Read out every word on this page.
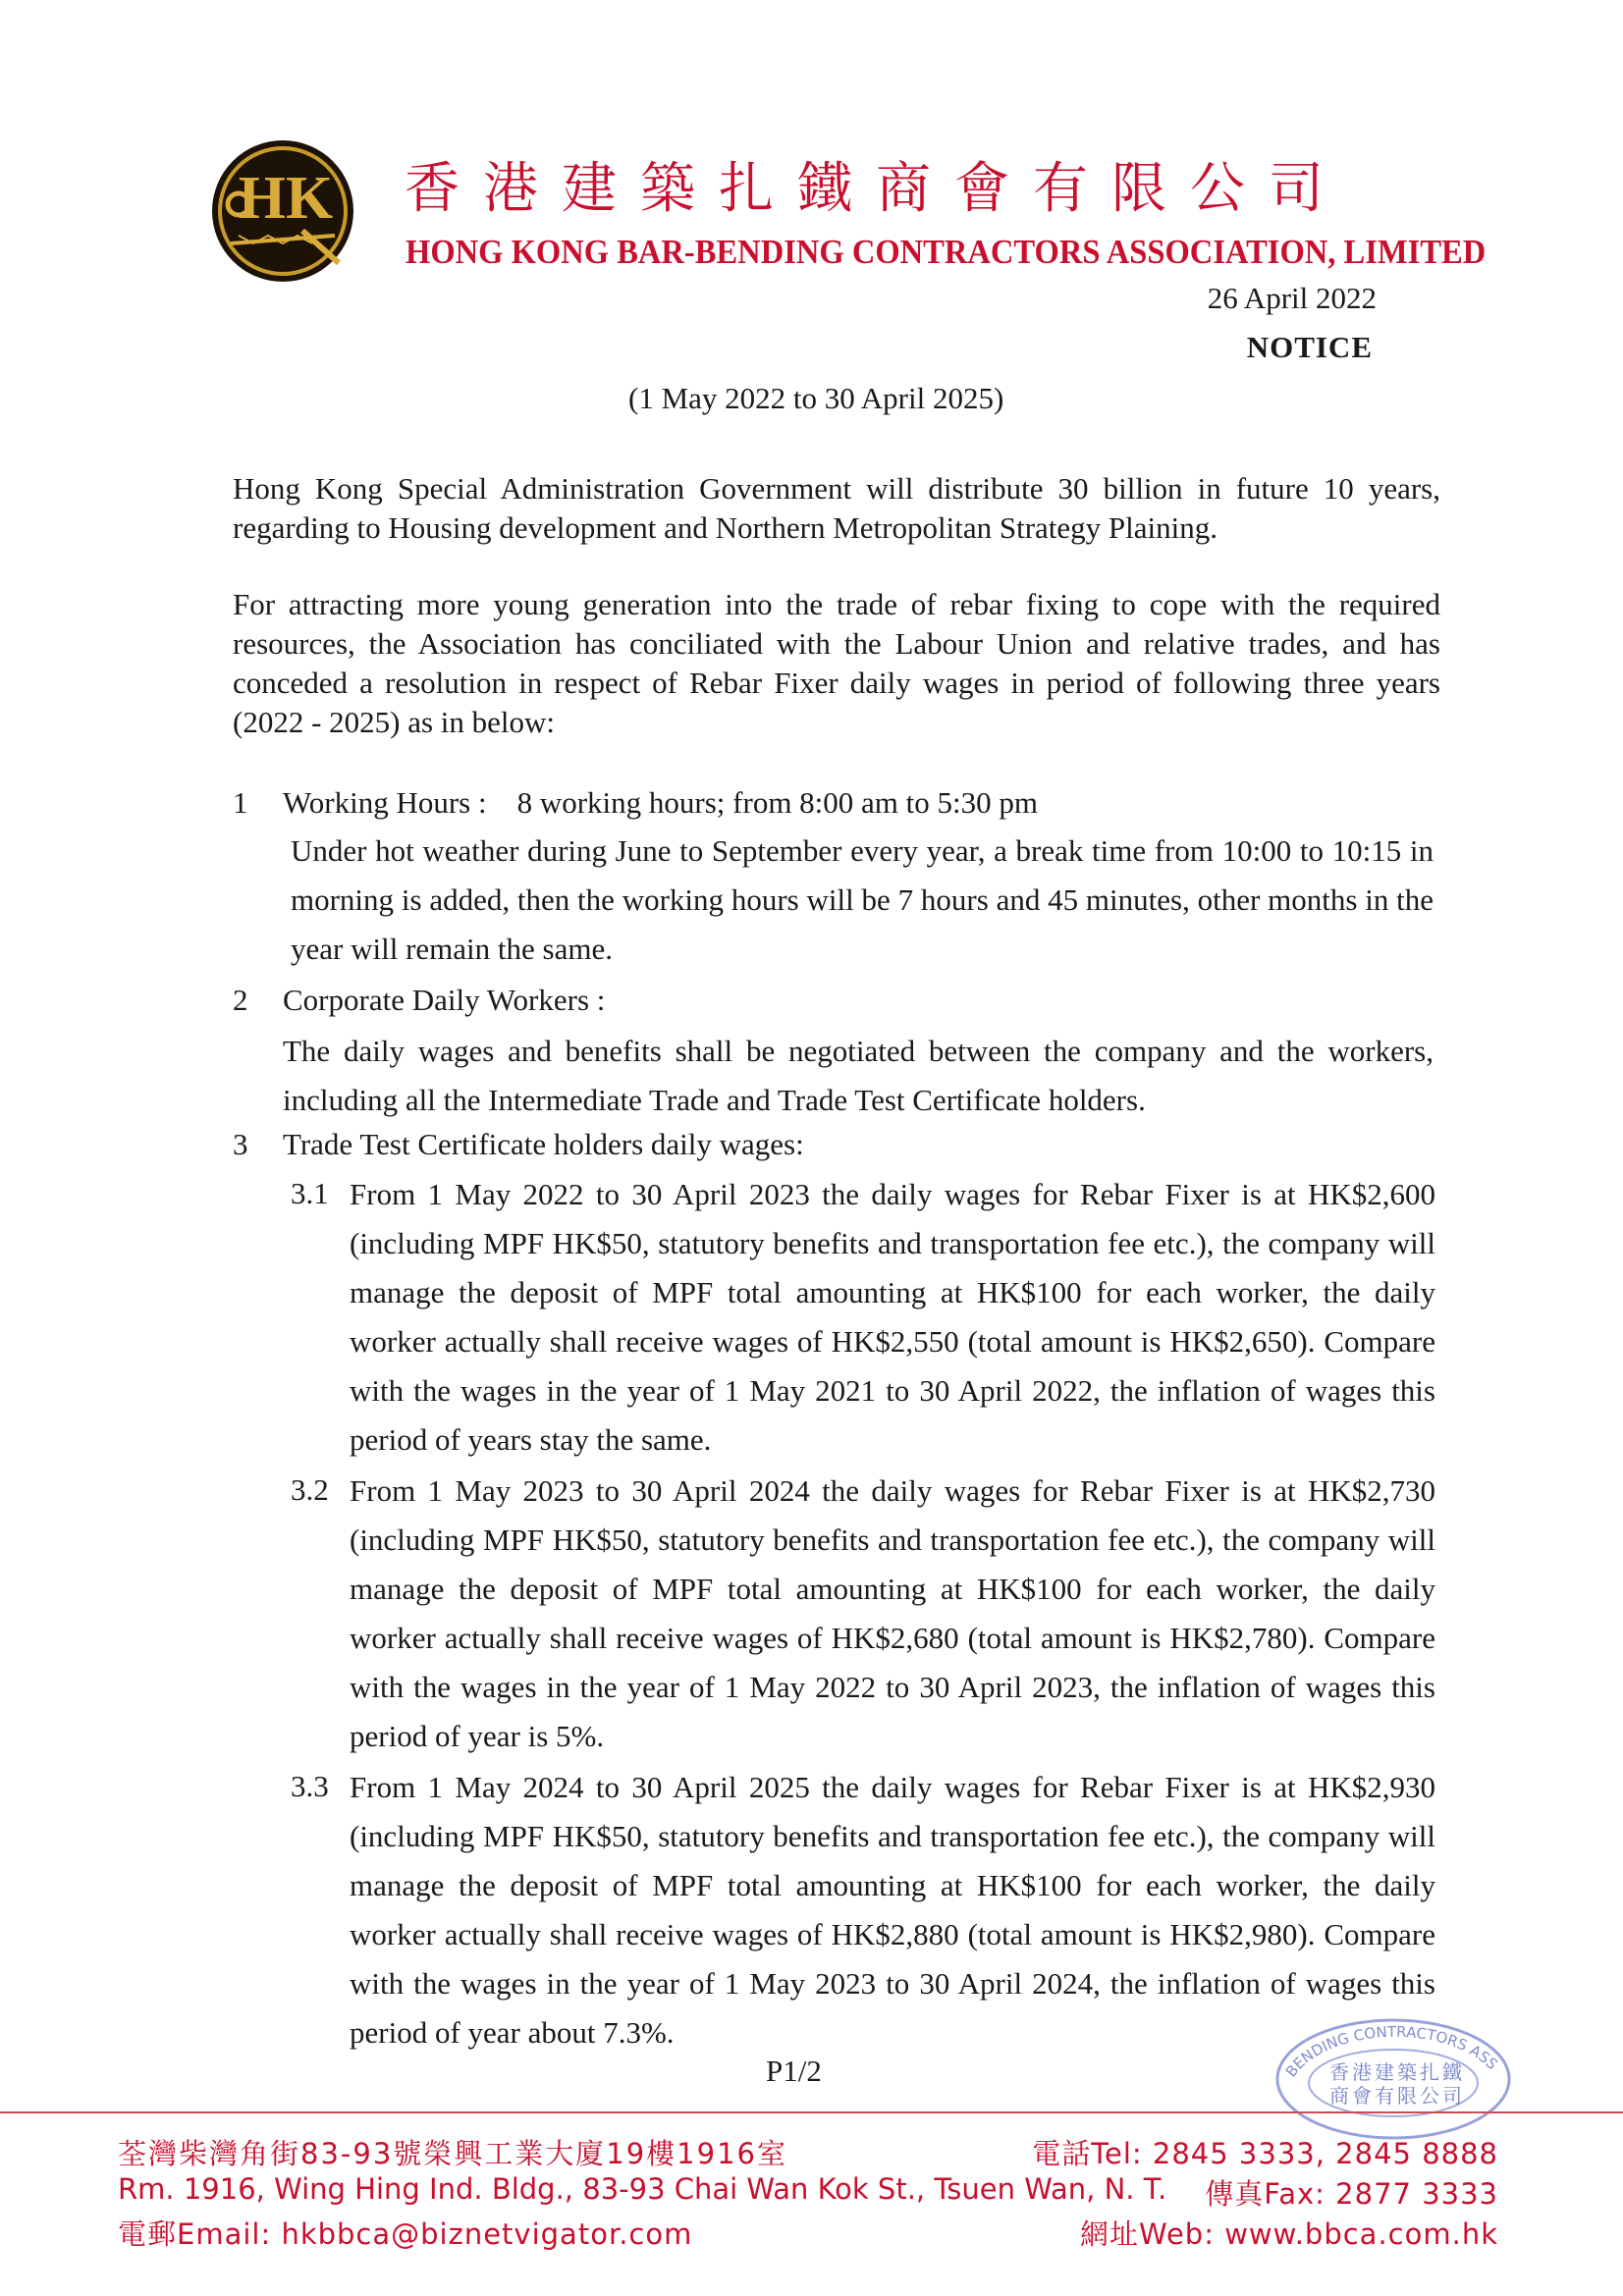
HK 香港建築扎鐵商會有限公司
HONG KONG BAR-BENDING CONTRACTORS ASSOCIATION, LIMITED
26 April 2022
NOTICE
(1 May 2022 to 30 April 2025)

Hong Kong Special Administration Government will distribute 30 billion in future 10 years, regarding to Housing development and Northern Metropolitan Strategy Plaining.

For attracting more young generation into the trade of rebar fixing to cope with the required resources, the Association has conciliated with the Labour Union and relative trades, and has conceded a resolution in respect of Rebar Fixer daily wages in period of following three years (2022 - 2025) as in below:

1 Working Hours :    8 working hours; from 8:00 am to 5:30 pm

Under hot weather during June to September every year, a break time from 10:00 to 10:15 in morning is added, then the working hours will be 7 hours and 45 minutes, other months in the year will remain the same.

2 Corporate Daily Workers :

The daily wages and benefits shall be negotiated between the company and the workers, including all the Intermediate Trade and Trade Test Certificate holders.

3 Trade Test Certificate holders daily wages:
3.1 From 1 May 2022 to 30 April 2023 the daily wages for Rebar Fixer is at HK$2,600 (including MPF HK$50, statutory benefits and transportation fee etc.), the company will manage the deposit of MPF total amounting at HK$100 for each worker, the daily worker actually shall receive wages of HK$2,550 (total amount is HK$2,650). Compare with the wages in the year of 1 May 2021 to 30 April 2022, the inflation of wages this period of years stay the same.

3.2 From 1 May 2023 to 30 April 2024 the daily wages for Rebar Fixer is at HK$2,730 (including MPF HK$50, statutory benefits and transportation fee etc.), the company will manage the deposit of MPF total amounting at HK$100 for each worker, the daily worker actually shall receive wages of HK$2,680 (total amount is HK$2,780). Compare with the wages in the year of 1 May 2022 to 30 April 2023, the inflation of wages this period of year is 5%.

3.3 From 1 May 2024 to 30 April 2025 the daily wages for Rebar Fixer is at HK$2,930 (including MPF HK$50, statutory benefits and transportation fee etc.), the company will manage the deposit of MPF total amounting at HK$100 for each worker, the daily worker actually shall receive wages of HK$2,880 (total amount is HK$2,980). Compare with the wages in the year of 1 May 2023 to 30 April 2024, the inflation of wages this period of year about 7.3%.

P1/2	BENDING CONTRACTORS ASS
香港建築扎鐵
商會有限公司
荃灣柴灣角街83-93號榮興工業大廈19樓1916室	電話Tel: 2845 3333, 2845 8888
Rm. 1916, Wing Hing Ind. Bldg., 83-93 Chai Wan Kok St., Tsuen Wan, N. T. 傳真Fax: 2877 3333
電郵Email: hkbbca@biznetvigator.com	網址Web: www.bbca.com.hk
